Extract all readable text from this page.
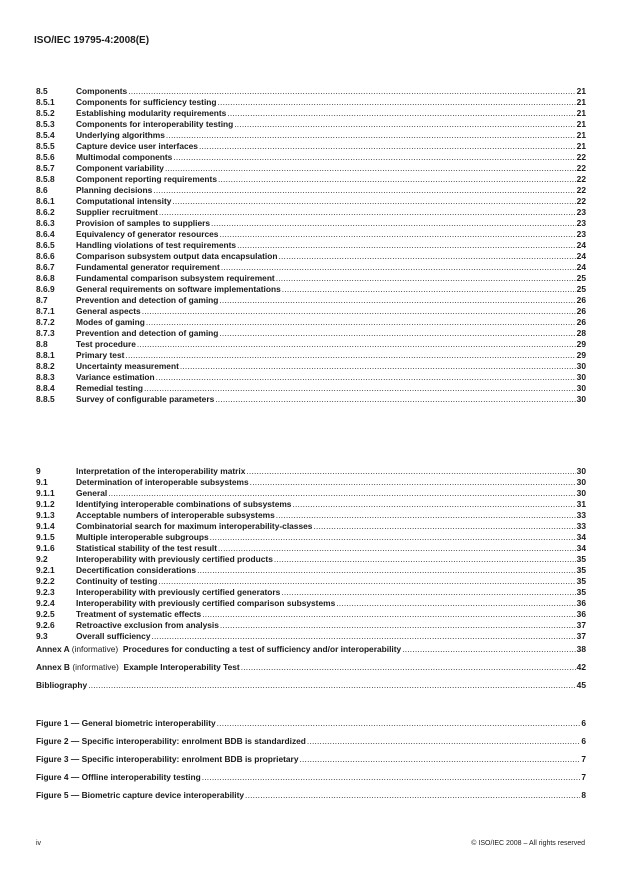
ISO/IEC 19795-4:2008(E)
8.5	Components .....	21
8.5.1	Components for sufficiency testing .....	21
8.5.2	Establishing modularity requirements .....	21
8.5.3	Components for interoperability testing .....	21
8.5.4	Underlying algorithms .....	21
8.5.5	Capture device user interfaces .....	21
8.5.6	Multimodal components .....	22
8.5.7	Component variability .....	22
8.5.8	Component reporting requirements .....	22
8.6	Planning decisions .....	22
8.6.1	Computational intensity .....	22
8.6.2	Supplier recruitment .....	23
8.6.3	Provision of samples to suppliers .....	23
8.6.4	Equivalency of generator resources .....	23
8.6.5	Handling violations of test requirements .....	24
8.6.6	Comparison subsystem output data encapsulation .....	24
8.6.7	Fundamental generator requirement .....	24
8.6.8	Fundamental comparison subsystem requirement .....	25
8.6.9	General requirements on software implementations .....	25
8.7	Prevention and detection of gaming .....	26
8.7.1	General aspects .....	26
8.7.2	Modes of gaming .....	26
8.7.3	Prevention and detection of gaming .....	28
8.8	Test procedure .....	29
8.8.1	Primary test .....	29
8.8.2	Uncertainty measurement .....	30
8.8.3	Variance estimation .....	30
8.8.4	Remedial testing .....	30
8.8.5	Survey of configurable parameters .....	30
9	Interpretation of the interoperability matrix .....	30
9.1	Determination of interoperable subsystems .....	30
9.1.1	General .....	30
9.1.2	Identifying interoperable combinations of subsystems .....	31
9.1.3	Acceptable numbers of interoperable subsystems .....	33
9.1.4	Combinatorial search for maximum interoperability-classes .....	33
9.1.5	Multiple interoperable subgroups .....	34
9.1.6	Statistical stability of the test result .....	34
9.2	Interoperability with previously certified products .....	35
9.2.1	Decertification considerations .....	35
9.2.2	Continuity of testing .....	35
9.2.3	Interoperability with previously certified generators .....	35
9.2.4	Interoperability with previously certified comparison subsystems .....	36
9.2.5	Treatment of systematic effects .....	36
9.2.6	Retroactive exclusion from analysis .....	37
9.3	Overall sufficiency .....	37
Annex A (informative) Procedures for conducting a test of sufficiency and/or interoperability .....	38
Annex B (informative) Example Interoperability Test .....	42
Bibliography .....	45
Figure 1 — General biometric interoperability .....	6
Figure 2 — Specific interoperability: enrolment BDB is standardized .....	6
Figure 3 — Specific interoperability: enrolment BDB is proprietary .....	7
Figure 4 — Offline interoperability testing .....	7
Figure 5 — Biometric capture device interoperability .....	8
iv	© ISO/IEC 2008 – All rights reserved
